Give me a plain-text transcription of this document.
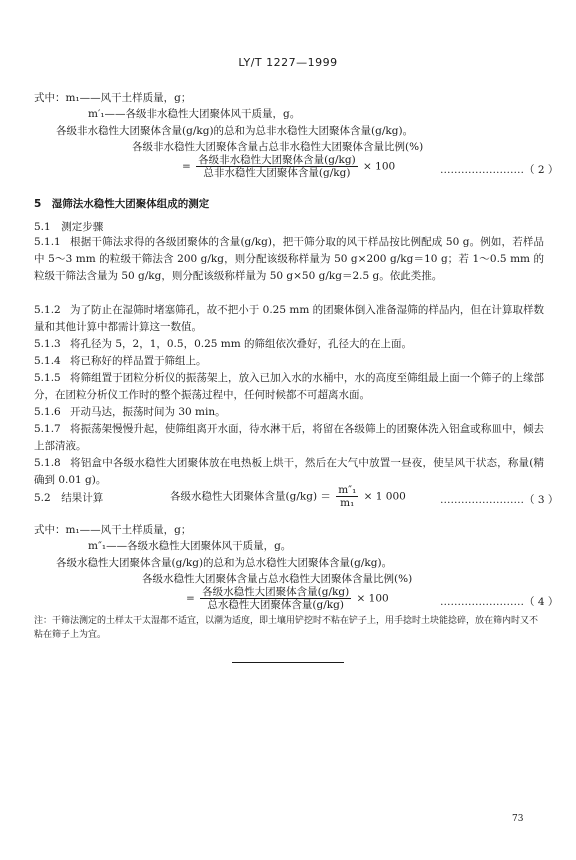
LY/T 1227—1999
式中：m₁——风干土样质量，g；
m′₁——各级非水稳性大团聚体风干质量，g。
各级非水稳性大团聚体含量(g/kg)的总和为总非水稳性大团聚体含量(g/kg)。
各级非水稳性大团聚体含量占总非水稳性大团聚体含量比例(%)
= $\frac{\text{各级非水稳性大团聚体含量(g/kg)}}{\text{总非水稳性大团聚体含量(g/kg)}} \times 100$	……………………（ 2 ）
5　湿筛法水稳性大团聚体组成的测定
5.1　测定步骤
5.1.1 根据干筛法求得的各级团聚体的含量(g/kg)，把干筛分取的风干样品按比例配成 50 g。例如，若样品中 5～3 mm 的粒级干筛法含 200 g/kg，则分配该级称样量为 50 g×200 g/kg＝10 g；若 1～0.5 mm 的粒级干筛法含量为 50 g/kg，则分配该级称样量为 50 g×50 g/kg＝2.5 g。依此类推。
5.1.2 为了防止在湿筛时堵塞筛孔，故不把小于 0.25 mm 的团聚体倒入准备湿筛的样品内，但在计算取样数量和其他计算中都需计算这一数值。
5.1.3 将孔径为 5，2，1，0.5，0.25 mm 的筛组依次叠好，孔径大的在上面。
5.1.4 将已称好的样品置于筛组上。
5.1.5 将筛组置于团粒分析仪的振荡架上，放入已加入水的水桶中，水的高度至筛组最上面一个筛子的上缘部分，在团粒分析仪工作时的整个振荡过程中，任何时候都不可超离水面。
5.1.6 开动马达，振荡时间为 30 min。
5.1.7 将振荡架慢慢升起，使筛组离开水面，待水淋干后，将留在各级筛上的团聚体洗入铝盒或称皿中，倾去上部清液。
5.1.8 将铝盒中各级水稳性大团聚体放在电热板上烘干，然后在大气中放置一昼夜，使呈风干状态，称量(精确到 0.01 g)。
5.2　结果计算	各级水稳性大团聚体含量$(g/kg) = \frac{\text{m″₁}}{\text{m₁}} \times 1$ 000	……………………（ 3 ）
式中：m₁——风干土样质量，g；
m″₁——各级水稳性大团聚体风干质量，g。
各级水稳性大团聚体含量(g/kg)的总和为总水稳性大团聚体含量(g/kg)。
各级水稳性大团聚体含量占总水稳性大团聚体含量比例(%)
= $\frac{\text{各级水稳性大团聚体含量(g/kg)}}{\text{总水稳性大团聚体含量(g/kg)}} \times 100$	……………………（ 4 ）
注：干筛法测定的土样太干太湿都不适宜，以潮为适度，即土壤用铲挖时不粘在铲子上，用手捻时土块能捻碎，放在筛内时又不粘在筛子上为宜。
73
